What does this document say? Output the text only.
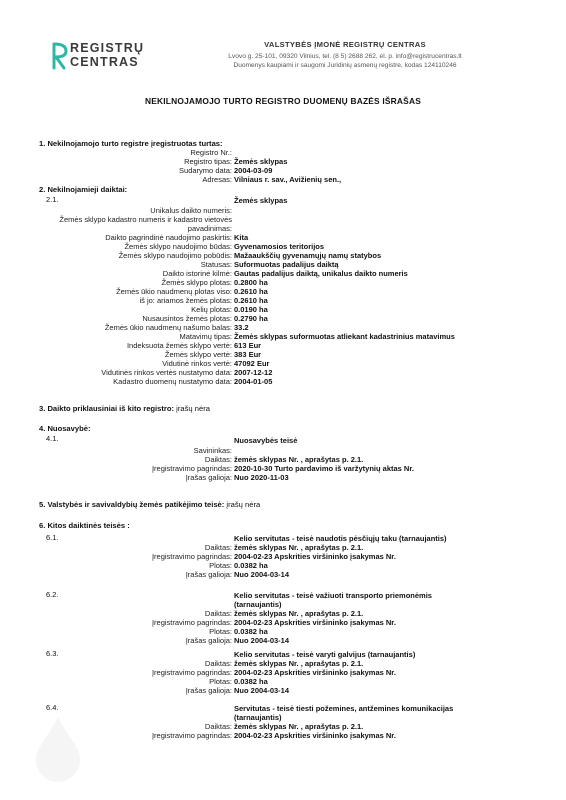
REGISTRŲ
CENTRAS
VALSTYBĖS ĮMONĖ REGISTRŲ CENTRAS
Lvovo g. 25-101, 09320 Vilnius, tel. (8 5) 2688 262, el. p. info@registrucentras.lt
Duomenys kaupiami ir saugomi Juridinių asmenų registre, kodas 124110246
NEKILNOJAMOJO TURTO REGISTRO DUOMENŲ BAZĖS IŠRAŠAS
1. Nekilnojamojo turto registre įregistruotas turtas:
Registro Nr.:
Registro tipas: Žemės sklypas
Sudarymo data: 2004-03-09
Adresas: Vilniaus r. sav., Avižienių sen.,
2. Nekilnojamieji daiktai:
2.1.	Žemės sklypas
Unikalus daikto numeris:
Žemės sklypo kadastro numeris ir kadastro vietovės
pavadinimas:
Daikto pagrindinė naudojimo paskirtis: Kita
Žemės sklypo naudojimo būdas: Gyvenamosios teritorijos
Žemės sklypo naudojimo pobūdis: Mažaaukščių gyvenamųjų namų statybos
Statusas: Suformuotas padalijus daiktą
Daikto istorinė kilmė: Gautas padalijus daiktą, unikalus daikto numeris
Žemės sklypo plotas: 0.2800 ha
Žemės ūkio naudmenų plotas viso: 0.2610 ha
iš jo: ariamos žemės plotas: 0.2610 ha
Kelių plotas: 0.0190 ha
Nusausintos žemės plotas: 0.2790 ha
Žemės ūkio naudmenų našumo balas: 33.2
Matavimų tipas: Žemės sklypas suformuotas atliekant kadastrinius matavimus
Indeksuota žemės sklypo vertė: 613 Eur
Žemės sklypo vertė: 383 Eur
Vidutinė rinkos vertė: 47092 Eur
Vidutinės rinkos vertės nustatymo data: 2007-12-12
Kadastro duomenų nustatymo data: 2004-01-05
3. Daikto priklausiniai iš kito registro: įrašų nėra
4. Nuosavybė:
4.1.	Nuosavybės teisė
Savininkas:
Daiktas: žemės sklypas Nr. , aprašytas p. 2.1.
Įregistravimo pagrindas: 2020-10-30 Turto pardavimo iš varžytynių aktas Nr.
Įrašas galioja: Nuo 2020-11-03
5. Valstybės ir savivaldybių žemės patikėjimo teisė: įrašų nėra
6. Kitos daiktinės teisės :
6.1.	Kelio servitutas - teisė naudotis pėsčiųjų taku (tarnaujantis)
Daiktas: žemės sklypas Nr. , aprašytas p. 2.1.
Įregistravimo pagrindas: 2004-02-23 Apskrities viršininko įsakymas Nr.
Plotas: 0.0382 ha
Įrašas galioja: Nuo 2004-03-14
6.2.	Kelio servitutas - teisė važiuoti transporto priemonėmis
(tarnaujantis)
Daiktas: žemės sklypas Nr. , aprašytas p. 2.1.
Įregistravimo pagrindas: 2004-02-23 Apskrities viršininko įsakymas Nr.
Plotas: 0.0382 ha
Įrašas galioja: Nuo 2004-03-14
6.3.	Kelio servitutas - teisė varyti galvijus (tarnaujantis)
Daiktas: žemės sklypas Nr. , aprašytas p. 2.1.
Įregistravimo pagrindas: 2004-02-23 Apskrities viršininko įsakymas Nr.
Plotas: 0.0382 ha
Įrašas galioja: Nuo 2004-03-14
6.4.	Servitutas - teisė tiesti požemines, antžemines komunikacijas
(tarnaujantis)
Daiktas: žemės sklypas Nr. , aprašytas p. 2.1.
Įregistravimo pagrindas: 2004-02-23 Apskrities viršininko įsakymas Nr.
